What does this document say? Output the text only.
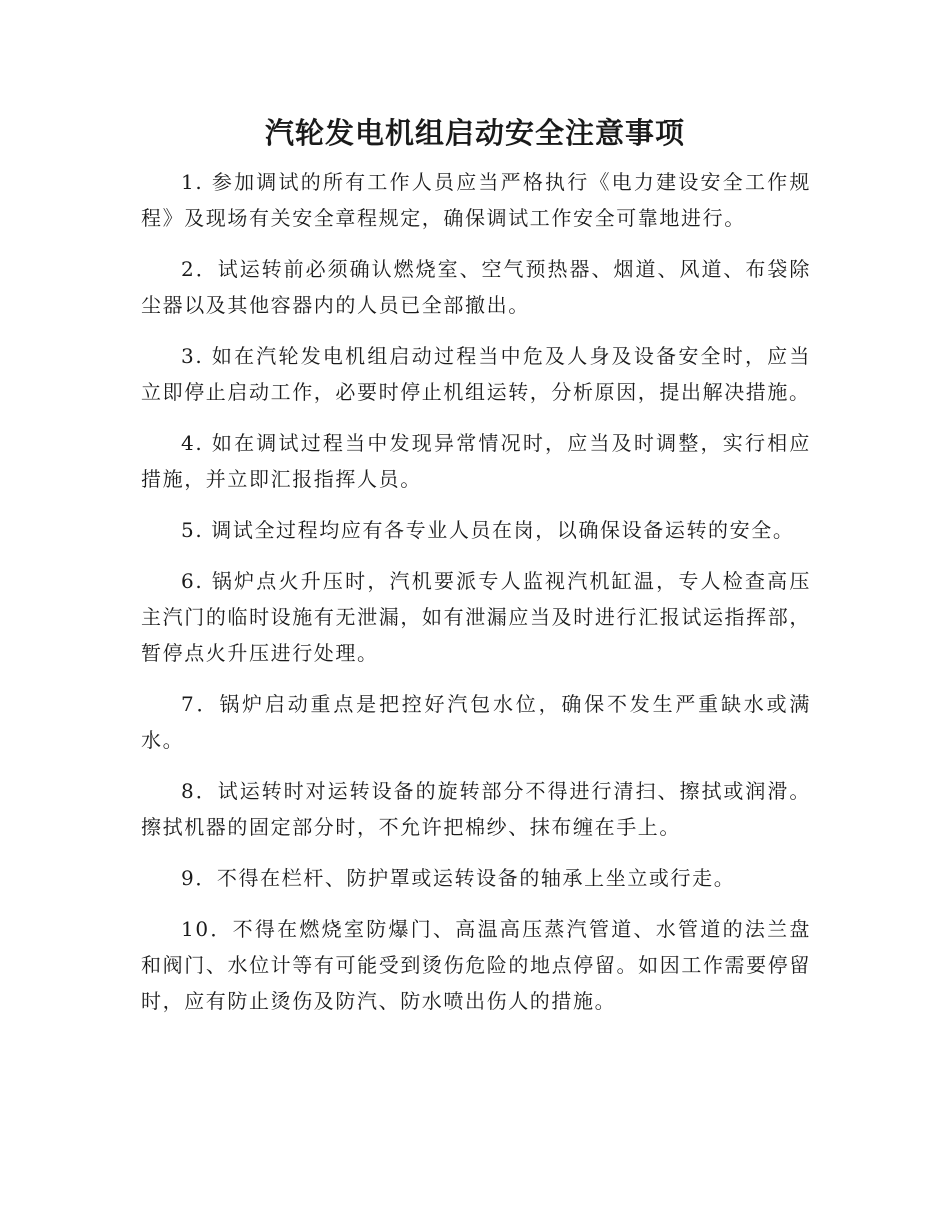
汽轮发电机组启动安全注意事项

1. 参加调试的所有工作人员应当严格执行《电力建设安全工作规程》及现场有关安全章程规定，确保调试工作安全可靠地进行。

2．试运转前必须确认燃烧室、空气预热器、烟道、风道、布袋除尘器以及其他容器内的人员已全部撤出。

3. 如在汽轮发电机组启动过程当中危及人身及设备安全时，应当立即停止启动工作，必要时停止机组运转，分析原因，提出解决措施。

4. 如在调试过程当中发现异常情况时，应当及时调整，实行相应措施，并立即汇报指挥人员。

5. 调试全过程均应有各专业人员在岗，以确保设备运转的安全。

6. 锅炉点火升压时，汽机要派专人监视汽机缸温，专人检查高压主汽门的临时设施有无泄漏，如有泄漏应当及时进行汇报试运指挥部，暂停点火升压进行处理。

7．锅炉启动重点是把控好汽包水位，确保不发生严重缺水或满水。

8．试运转时对运转设备的旋转部分不得进行清扫、擦拭或润滑。擦拭机器的固定部分时，不允许把棉纱、抹布缠在手上。

9．不得在栏杆、防护罩或运转设备的轴承上坐立或行走。

10．不得在燃烧室防爆门、高温高压蒸汽管道、水管道的法兰盘和阀门、水位计等有可能受到烫伤危险的地点停留。如因工作需要停留时，应有防止烫伤及防汽、防水喷出伤人的措施。
